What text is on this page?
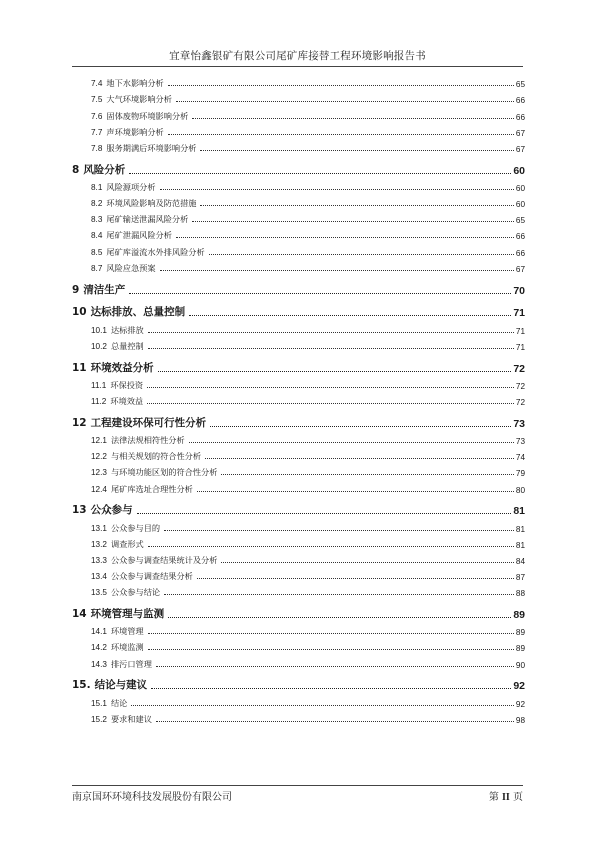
宜章怡鑫银矿有限公司尾矿库接替工程环境影响报告书
7.4 地下水影响分析	65
7.5 大气环境影响分析	66
7.6 固体废物环境影响分析	66
7.7 声环境影响分析	67
7.8 服务期满后环境影响分析	67
8 风险分析	60
8.1 风险源项分析	60
8.2 环境风险影响及防范措施	60
8.3 尾矿输送泄漏风险分析	65
8.4 尾矿泄漏风险分析	66
8.5 尾矿库溢流水外排风险分析	66
8.7 风险应急预案	67
9 清洁生产	70
10 达标排放、总量控制	71
10.1 达标排放	71
10.2 总量控制	71
11 环境效益分析	72
11.1 环保投资	72
11.2 环境效益	72
12 工程建设环保可行性分析	73
12.1 法律法规相符性分析	73
12.2 与相关规划的符合性分析	74
12.3 与环境功能区划的符合性分析	79
12.4 尾矿库选址合理性分析	80
13 公众参与	81
13.1 公众参与目的	81
13.2 调查形式	81
13.3 公众参与调查结果统计及分析	84
13.4 公众参与调查结果分析	87
13.5 公众参与结论	88
14 环境管理与监测	89
14.1 环境管理	89
14.2 环境监测	89
14.3 排污口管理	90
15. 结论与建议	92
15.1 结论	92
15.2 要求和建议	98
南京国环环境科技发展股份有限公司	第 II 页
